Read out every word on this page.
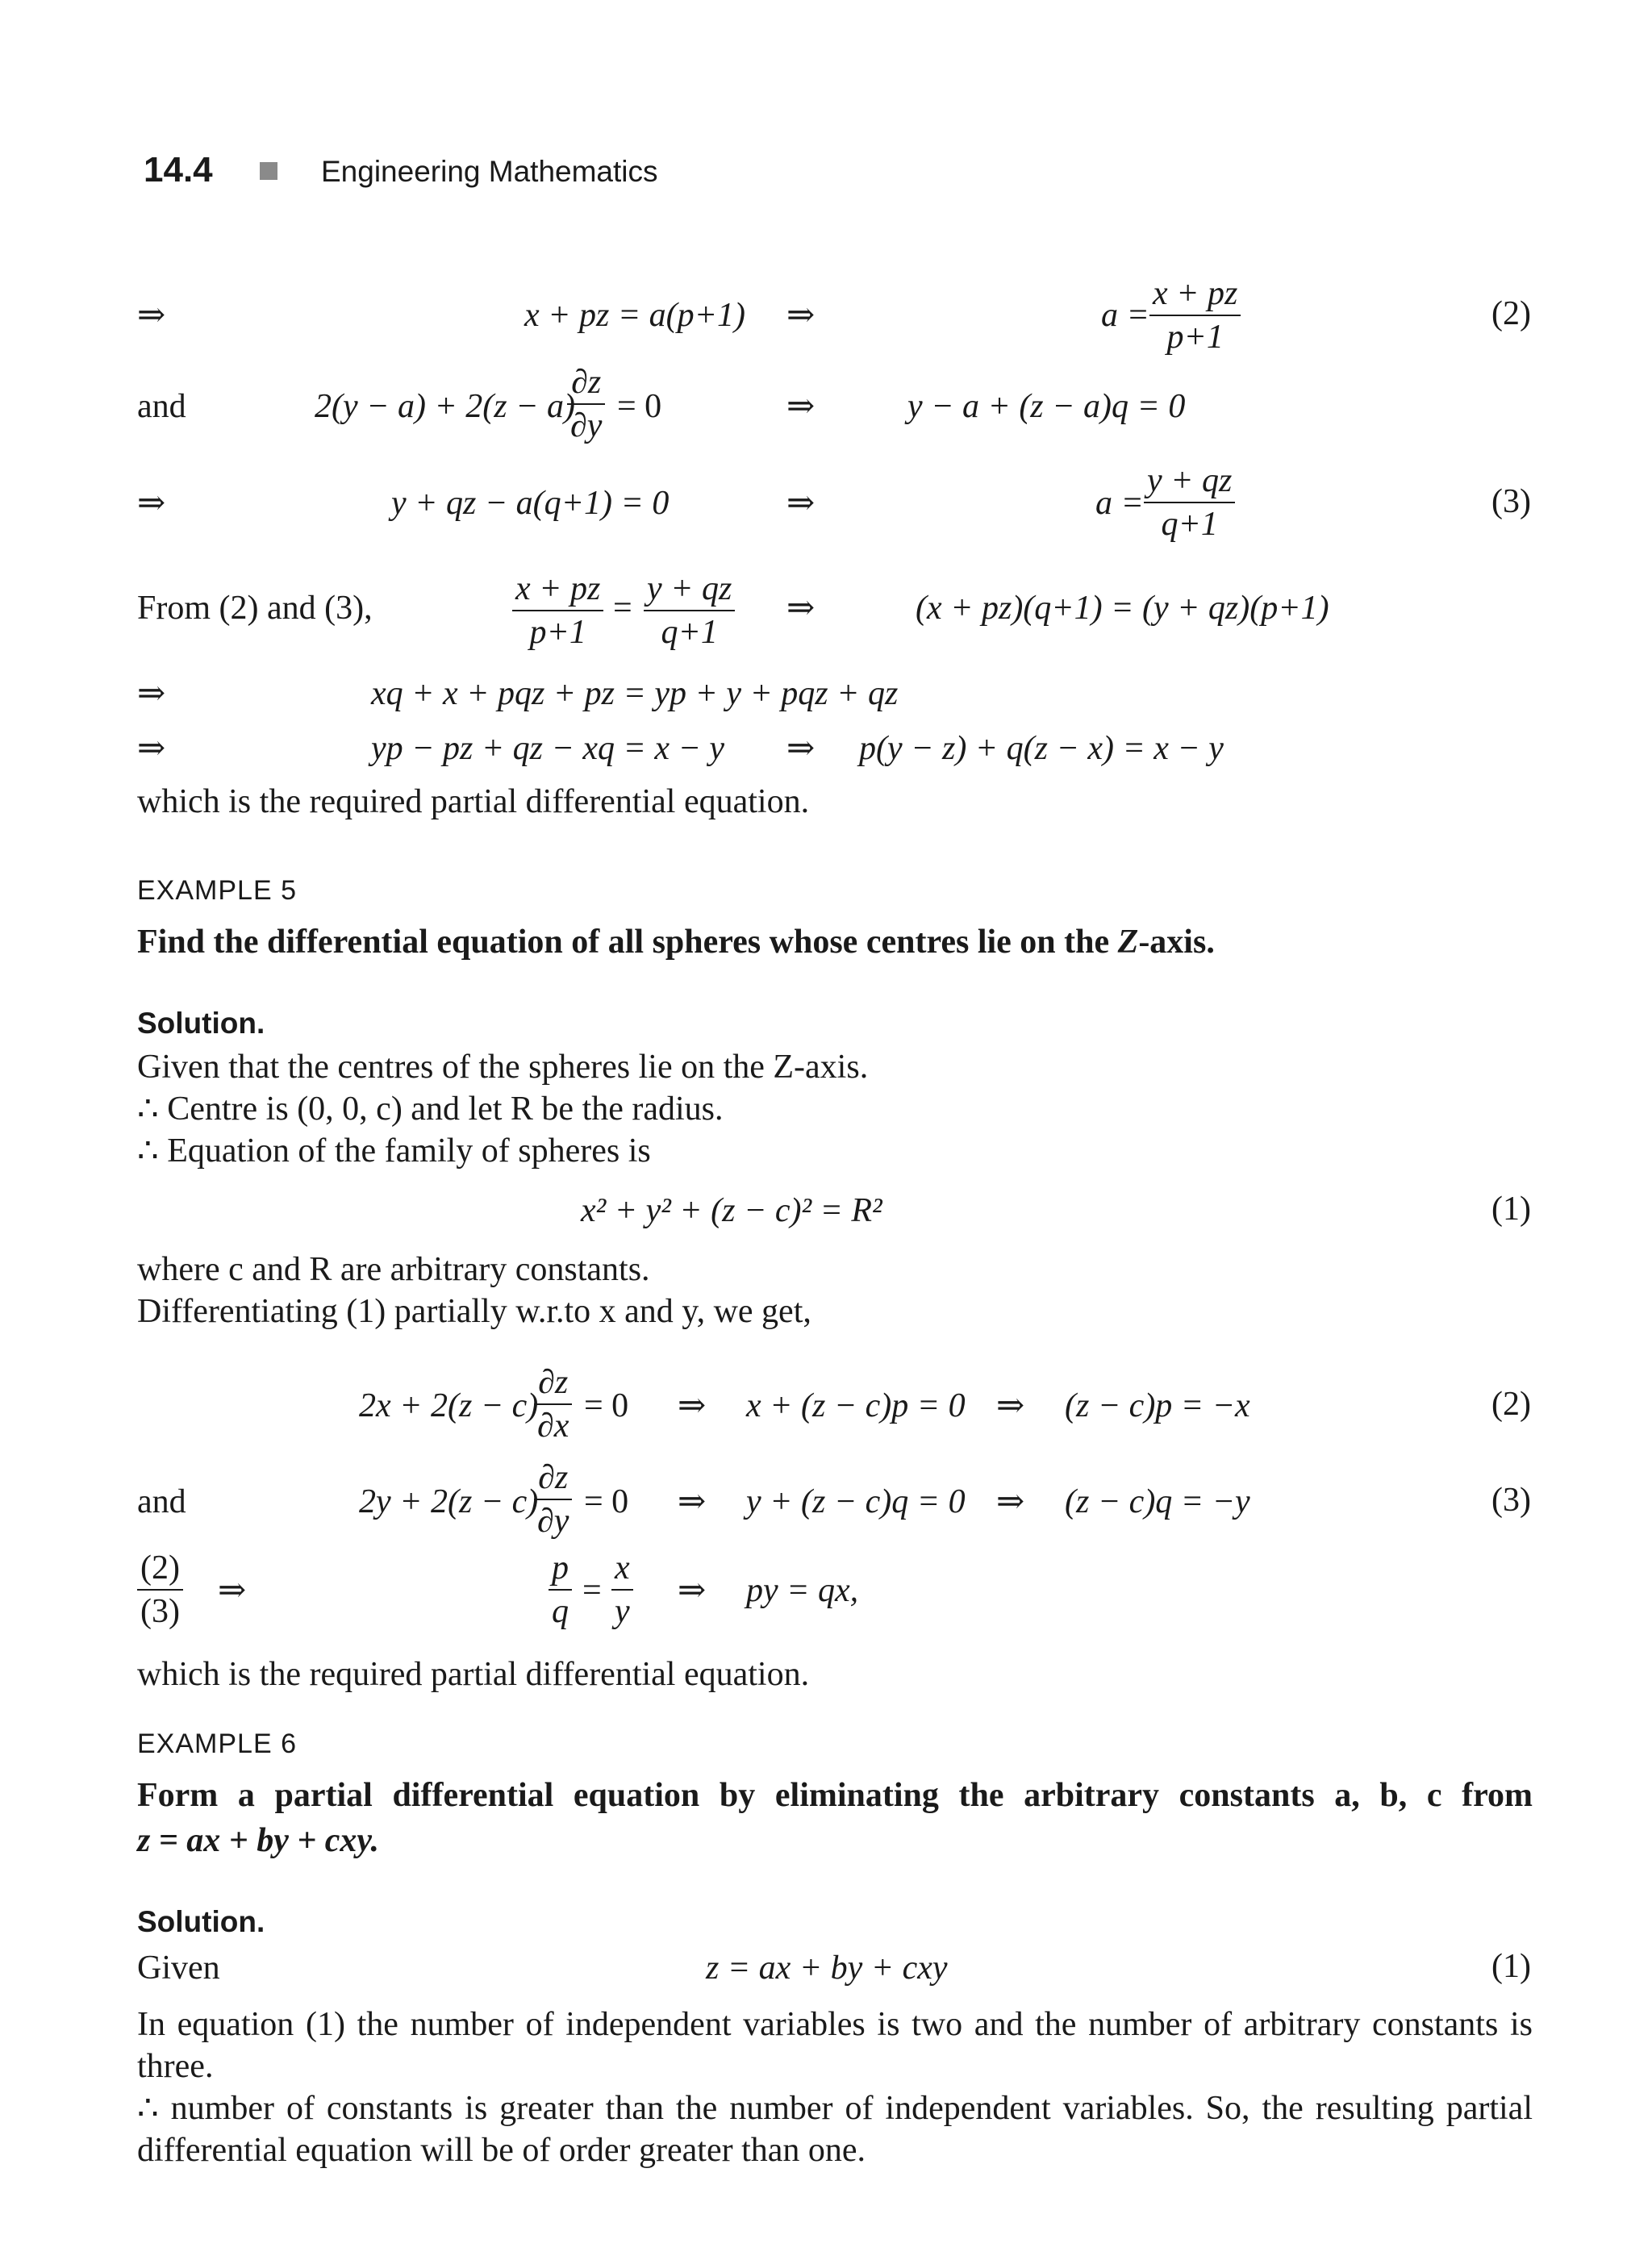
14.4	Engineering Mathematics
⇒	x + pz = a(p+1) ⇒	a =
x + pz
p+1
(2)
and	2(y − a) + 2(z − a)
∂z
∂y
= 0	⇒	y − a + (z − a)q = 0
⇒	y + qz − a(q+1) = 0	⇒	a =
y + qz
q+1
(3)
From (2) and (3),
x + pz
p+1
=
y + qz
q+1
⇒	(x + pz)(q+1) = (y + qz)(p+1)
⇒	xq + x + pqz + pz = yp + y + pqz + qz
⇒	yp − pz + qz − xq = x − y ⇒ p(y − z) + q(z − x) = x − y
which is the required partial differential equation.
EXAMPLE 5
Find the differential equation of all spheres whose centres lie on the Z-axis.
Solution.
Given that the centres of the spheres lie on the Z-axis.
∴ Centre is (0, 0, c) and let R be the radius.
∴ Equation of the family of spheres is
x² + y² + (z − c)² = R²	(1)
where c and R are arbitrary constants.
Differentiating (1) partially w.r.to x and y, we get,
2x + 2(z − c)
∂z
∂x
= 0 ⇒ x + (z − c)p = 0 ⇒ (z − c)p = −x	(2)
and	2y + 2(z − c)
∂z
∂y
= 0 ⇒ y + (z − c)q = 0 ⇒ (z − c)q = −y	(3)
(2)
(3)
⇒
p
q
=
x
y
⇒ py = qx,
which is the required partial differential equation.
EXAMPLE 6
Form a partial differential equation by eliminating the arbitrary constants a, b, c from
z = ax + by + cxy.
Solution.
Given	z = ax + by + cxy	(1)
In equation (1) the number of independent variables is two and the number of arbitrary constants is three.
∴ number of constants is greater than the number of independent variables. So, the resulting partial differential equation will be of order greater than one.
